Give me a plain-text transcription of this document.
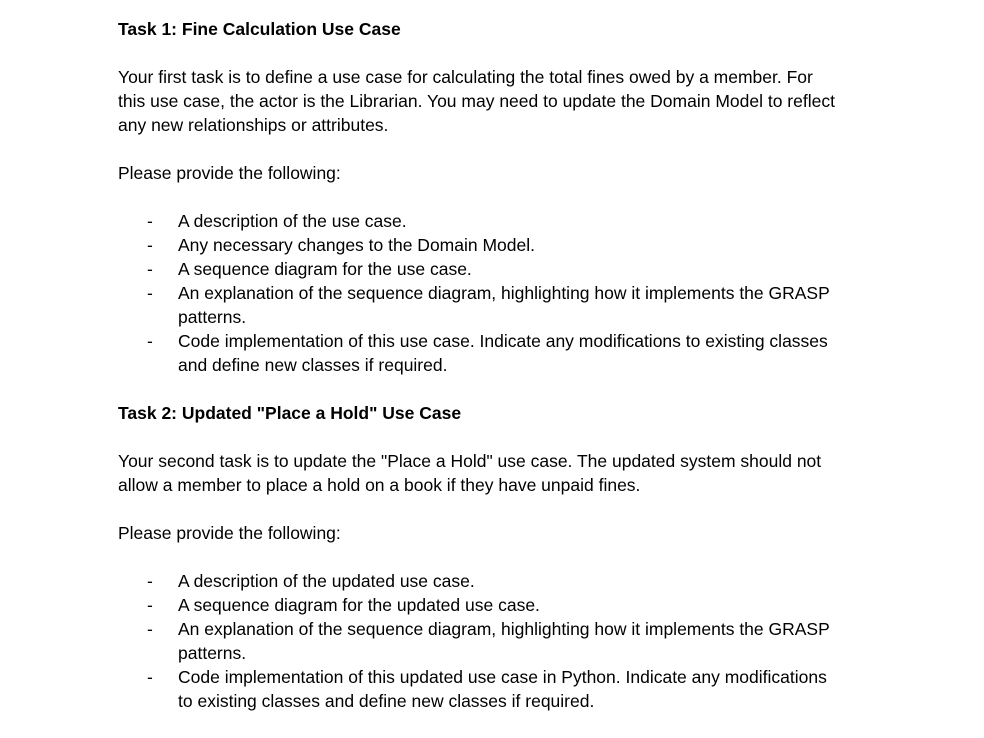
Task 1: Fine Calculation Use Case

Your first task is to define a use case for calculating the total fines owed by a member. For
this use case, the actor is the Librarian. You may need to update the Domain Model to reflect
any new relationships or attributes.

Please provide the following:

- A description of the use case.
- Any necessary changes to the Domain Model.
- A sequence diagram for the use case.
- An explanation of the sequence diagram, highlighting how it implements the GRASP
patterns.
- Code implementation of this use case. Indicate any modifications to existing classes
and define new classes if required.

Task 2: Updated "Place a Hold" Use Case

Your second task is to update the "Place a Hold" use case. The updated system should not
allow a member to place a hold on a book if they have unpaid fines.

Please provide the following:

- A description of the updated use case.
- A sequence diagram for the updated use case.
- An explanation of the sequence diagram, highlighting how it implements the GRASP
patterns.
- Code implementation of this updated use case in Python. Indicate any modifications
to existing classes and define new classes if required.
